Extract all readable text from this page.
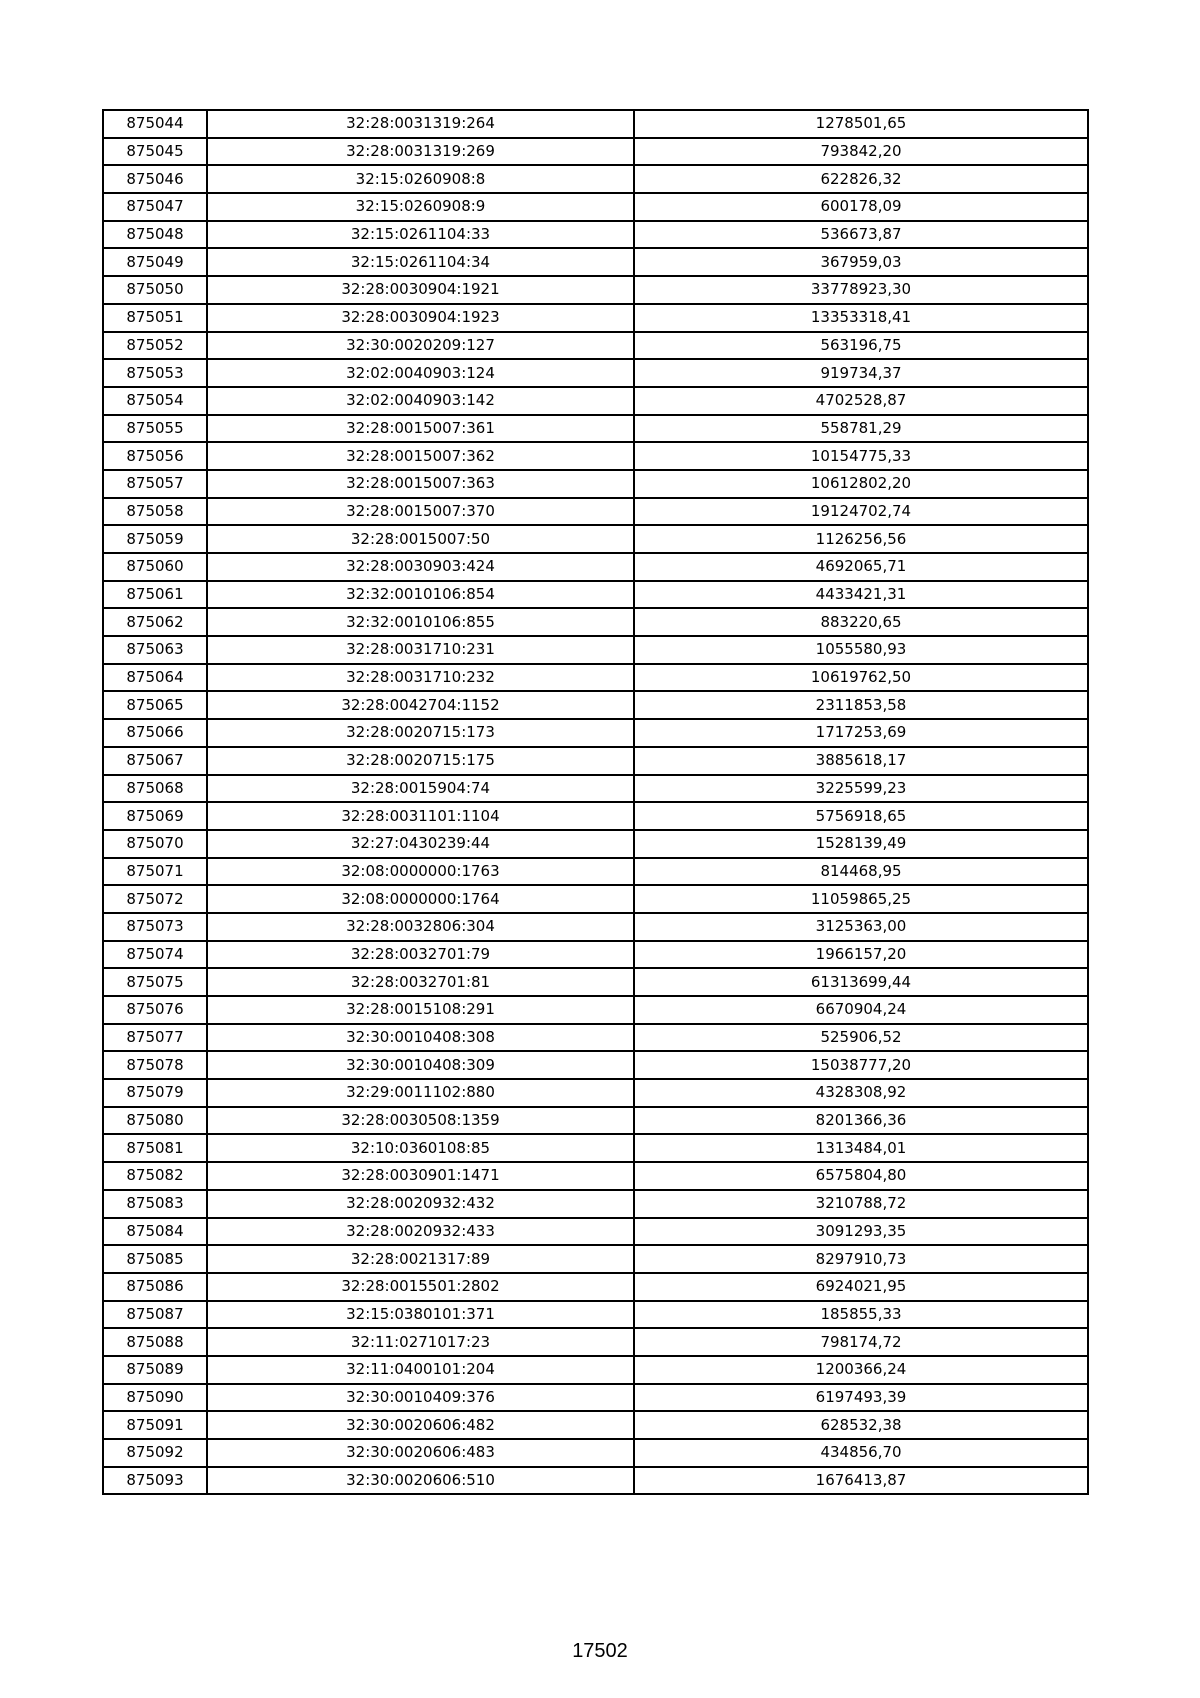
875044	32:28:0031319:264	1278501,65
875045	32:28:0031319:269	793842,20
875046	32:15:0260908:8	622826,32
875047	32:15:0260908:9	600178,09
875048	32:15:0261104:33	536673,87
875049	32:15:0261104:34	367959,03
875050	32:28:0030904:1921	33778923,30
875051	32:28:0030904:1923	13353318,41
875052	32:30:0020209:127	563196,75
875053	32:02:0040903:124	919734,37
875054	32:02:0040903:142	4702528,87
875055	32:28:0015007:361	558781,29
875056	32:28:0015007:362	10154775,33
875057	32:28:0015007:363	10612802,20
875058	32:28:0015007:370	19124702,74
875059	32:28:0015007:50	1126256,56
875060	32:28:0030903:424	4692065,71
875061	32:32:0010106:854	4433421,31
875062	32:32:0010106:855	883220,65
875063	32:28:0031710:231	1055580,93
875064	32:28:0031710:232	10619762,50
875065	32:28:0042704:1152	2311853,58
875066	32:28:0020715:173	1717253,69
875067	32:28:0020715:175	3885618,17
875068	32:28:0015904:74	3225599,23
875069	32:28:0031101:1104	5756918,65
875070	32:27:0430239:44	1528139,49
875071	32:08:0000000:1763	814468,95
875072	32:08:0000000:1764	11059865,25
875073	32:28:0032806:304	3125363,00
875074	32:28:0032701:79	1966157,20
875075	32:28:0032701:81	61313699,44
875076	32:28:0015108:291	6670904,24
875077	32:30:0010408:308	525906,52
875078	32:30:0010408:309	15038777,20
875079	32:29:0011102:880	4328308,92
875080	32:28:0030508:1359	8201366,36
875081	32:10:0360108:85	1313484,01
875082	32:28:0030901:1471	6575804,80
875083	32:28:0020932:432	3210788,72
875084	32:28:0020932:433	3091293,35
875085	32:28:0021317:89	8297910,73
875086	32:28:0015501:2802	6924021,95
875087	32:15:0380101:371	185855,33
875088	32:11:0271017:23	798174,72
875089	32:11:0400101:204	1200366,24
875090	32:30:0010409:376	6197493,39
875091	32:30:0020606:482	628532,38
875092	32:30:0020606:483	434856,70
875093	32:30:0020606:510	1676413,87
17502
